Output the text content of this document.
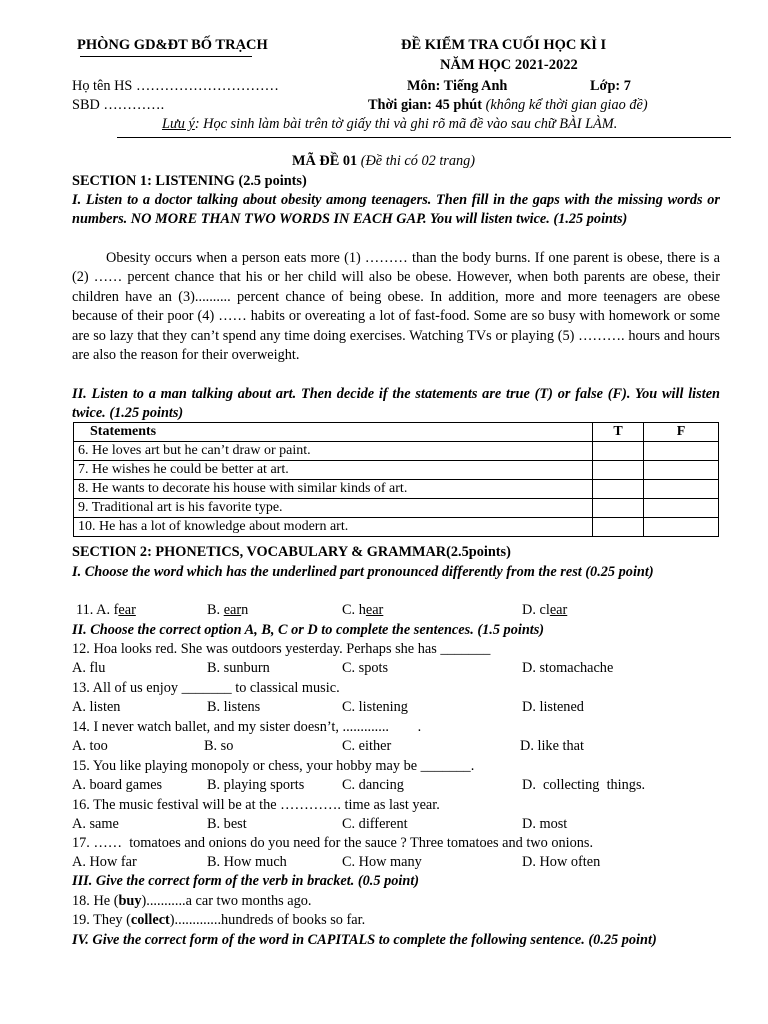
PHÒNG GD&ĐT BỐ TRẠCH	ĐỀ KIỂM TRA CUỐI HỌC KÌ I
NĂM HỌC 2021-2022
Họ tên HS …………………………	Môn: Tiếng Anh	Lớp: 7
SBD ………….	Thời gian: 45 phút (không kể thời gian giao đề)
Lưu ý: Học sinh làm bài trên tờ giấy thi và ghi rõ mã đề vào sau chữ BÀI LÀM.
MÃ ĐỀ 01 (Đề thi có 02 trang)
SECTION 1: LISTENING (2.5 points)
I. Listen to a doctor talking about obesity among teenagers. Then fill in the gaps with the missing words or numbers. NO MORE THAN TWO WORDS IN EACH GAP. You will listen twice. (1.25 points)
Obesity occurs when a person eats more (1) ……… than the body burns. If one parent is obese, there is a (2) …… percent chance that his or her child will also be obese. However, when both parents are obese, their children have an (3).......... percent chance of being obese. In addition, more and more teenagers are obese because of their poor (4) …… habits or overeating a lot of fast-food. Some are so busy with homework or some are so lazy that they can’t spend any time doing exercises. Watching TVs or playing (5) ………. hours and hours are also the reason for their overweight.
II. Listen to a man talking about art. Then decide if the statements are true (T) or false (F). You will listen twice. (1.25 points)
Statements	T	F
6. He loves art but he can’t draw or paint.		
7. He wishes he could be better at art.		
8. He wants to decorate his house with similar kinds of art.		
9. Traditional art is his favorite type.		
10. He has a lot of knowledge about modern art.		
SECTION 2: PHONETICS, VOCABULARY & GRAMMAR(2.5points)
I. Choose the word which has the underlined part pronounced differently from the rest (0.25 point)
11. A. fear	B. earn	C. hear	D. clear
II. Choose the correct option A, B, C or D to complete the sentences. (1.5 points)
12. Hoa looks red. She was outdoors yesterday. Perhaps she has _______
A. flu	B. sunburn	C. spots	D. stomachache
13. All of us enjoy _______ to classical music.
A. listen	B. listens	C. listening	D. listened
14. I never watch ballet, and my sister doesn’t, .............        .
A. too	B. so	C. either	D. like that
15. You like playing monopoly or chess, your hobby may be _______.
A. board games	B. playing sports	C. dancing	D.  collecting  things.
16. The music festival will be at the …………. time as last year.
A. same	B. best	C. different	D. most
17. ……  tomatoes and onions do you need for the sauce ? Three tomatoes and two onions.
A. How far	B. How much	C. How many	D. How often
III. Give the correct form of the verb in bracket. (0.5 point)
18. He (buy)...........a car two months ago.
19. They (collect).............hundreds of books so far.
IV. Give the correct form of the word in CAPITALS to complete the following sentence. (0.25 point)
